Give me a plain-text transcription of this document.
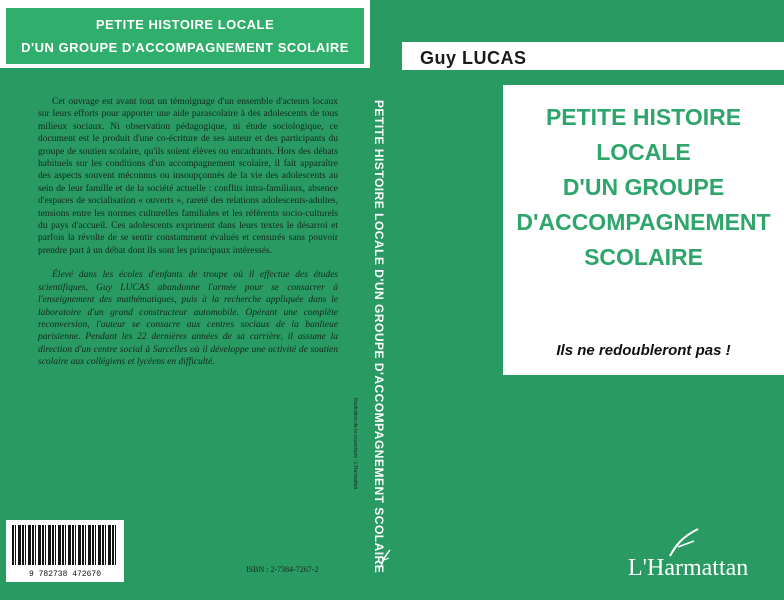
PETITE HISTOIRE LOCALE
D'UN GROUPE D'ACCOMPAGNEMENT SCOLAIRE

Cet ouvrage est avant tout un témoignage d'un ensemble d'acteurs locaux sur leurs efforts pour apporter une aide parascolaire à des adolescents de tous milieux sociaux. Ni observation pédagogique, ni étude sociologique, ce document est le produit d'une co-écriture de ses auteur et des participants du groupe de soutien scolaire, qu'ils soient élèves ou encadrants. Hors des débats habituels sur les conditions d'un accompagnement scolaire, il fait apparaître des aspects souvent méconnus ou insoupçonnés de la vie des adolescents au sein de leur famille et de la société actuelle : conflits intra-familiaux, absence d'espaces de socialisation « ouverts », rareté des relations adolescents-adultes, tensions entre les normes culturelles familiales et les référents socio-culturels du pays d'accueil. Ces adolescents expriment dans leurs textes le désarroi et parfois la révolte de se sentir constamment évalués et censurés sans pouvoir prendre part à un débat dont ils sont les principaux intéressés.

Élevé dans les écoles d'enfants de troupe où il effectue des études scientifiques, Guy LUCAS abandonne l'armée pour se consacrer à l'enseignement des mathématiques, puis à la recherche appliquée dans le laboratoire d'un grand constructeur automobile. Opérant une complète reconversion, l'auteur se consacre aux centres sociaux de la banlieue parisienne. Pendant les 22 dernières années de sa carrière, il assume la direction d'un centre social à Sarcelles où il développe une activité de soutien scolaire aux collégiens et lycéens en difficulté.

9 782738 472670
ISBN : 2-7384-7267-2	PETITE HISTOIRE LOCALE D'UN GROUPE D'ACCOMPAGNEMENT SCOLAIRE
Illustration de la couverture : L'Harmattan
Guy LUCAS
PETITE HISTOIRE
LOCALE
D'UN GROUPE
D'ACCOMPAGNEMENT
SCOLAIRE
Ils ne redoubleront pas !
L'Harmattan
